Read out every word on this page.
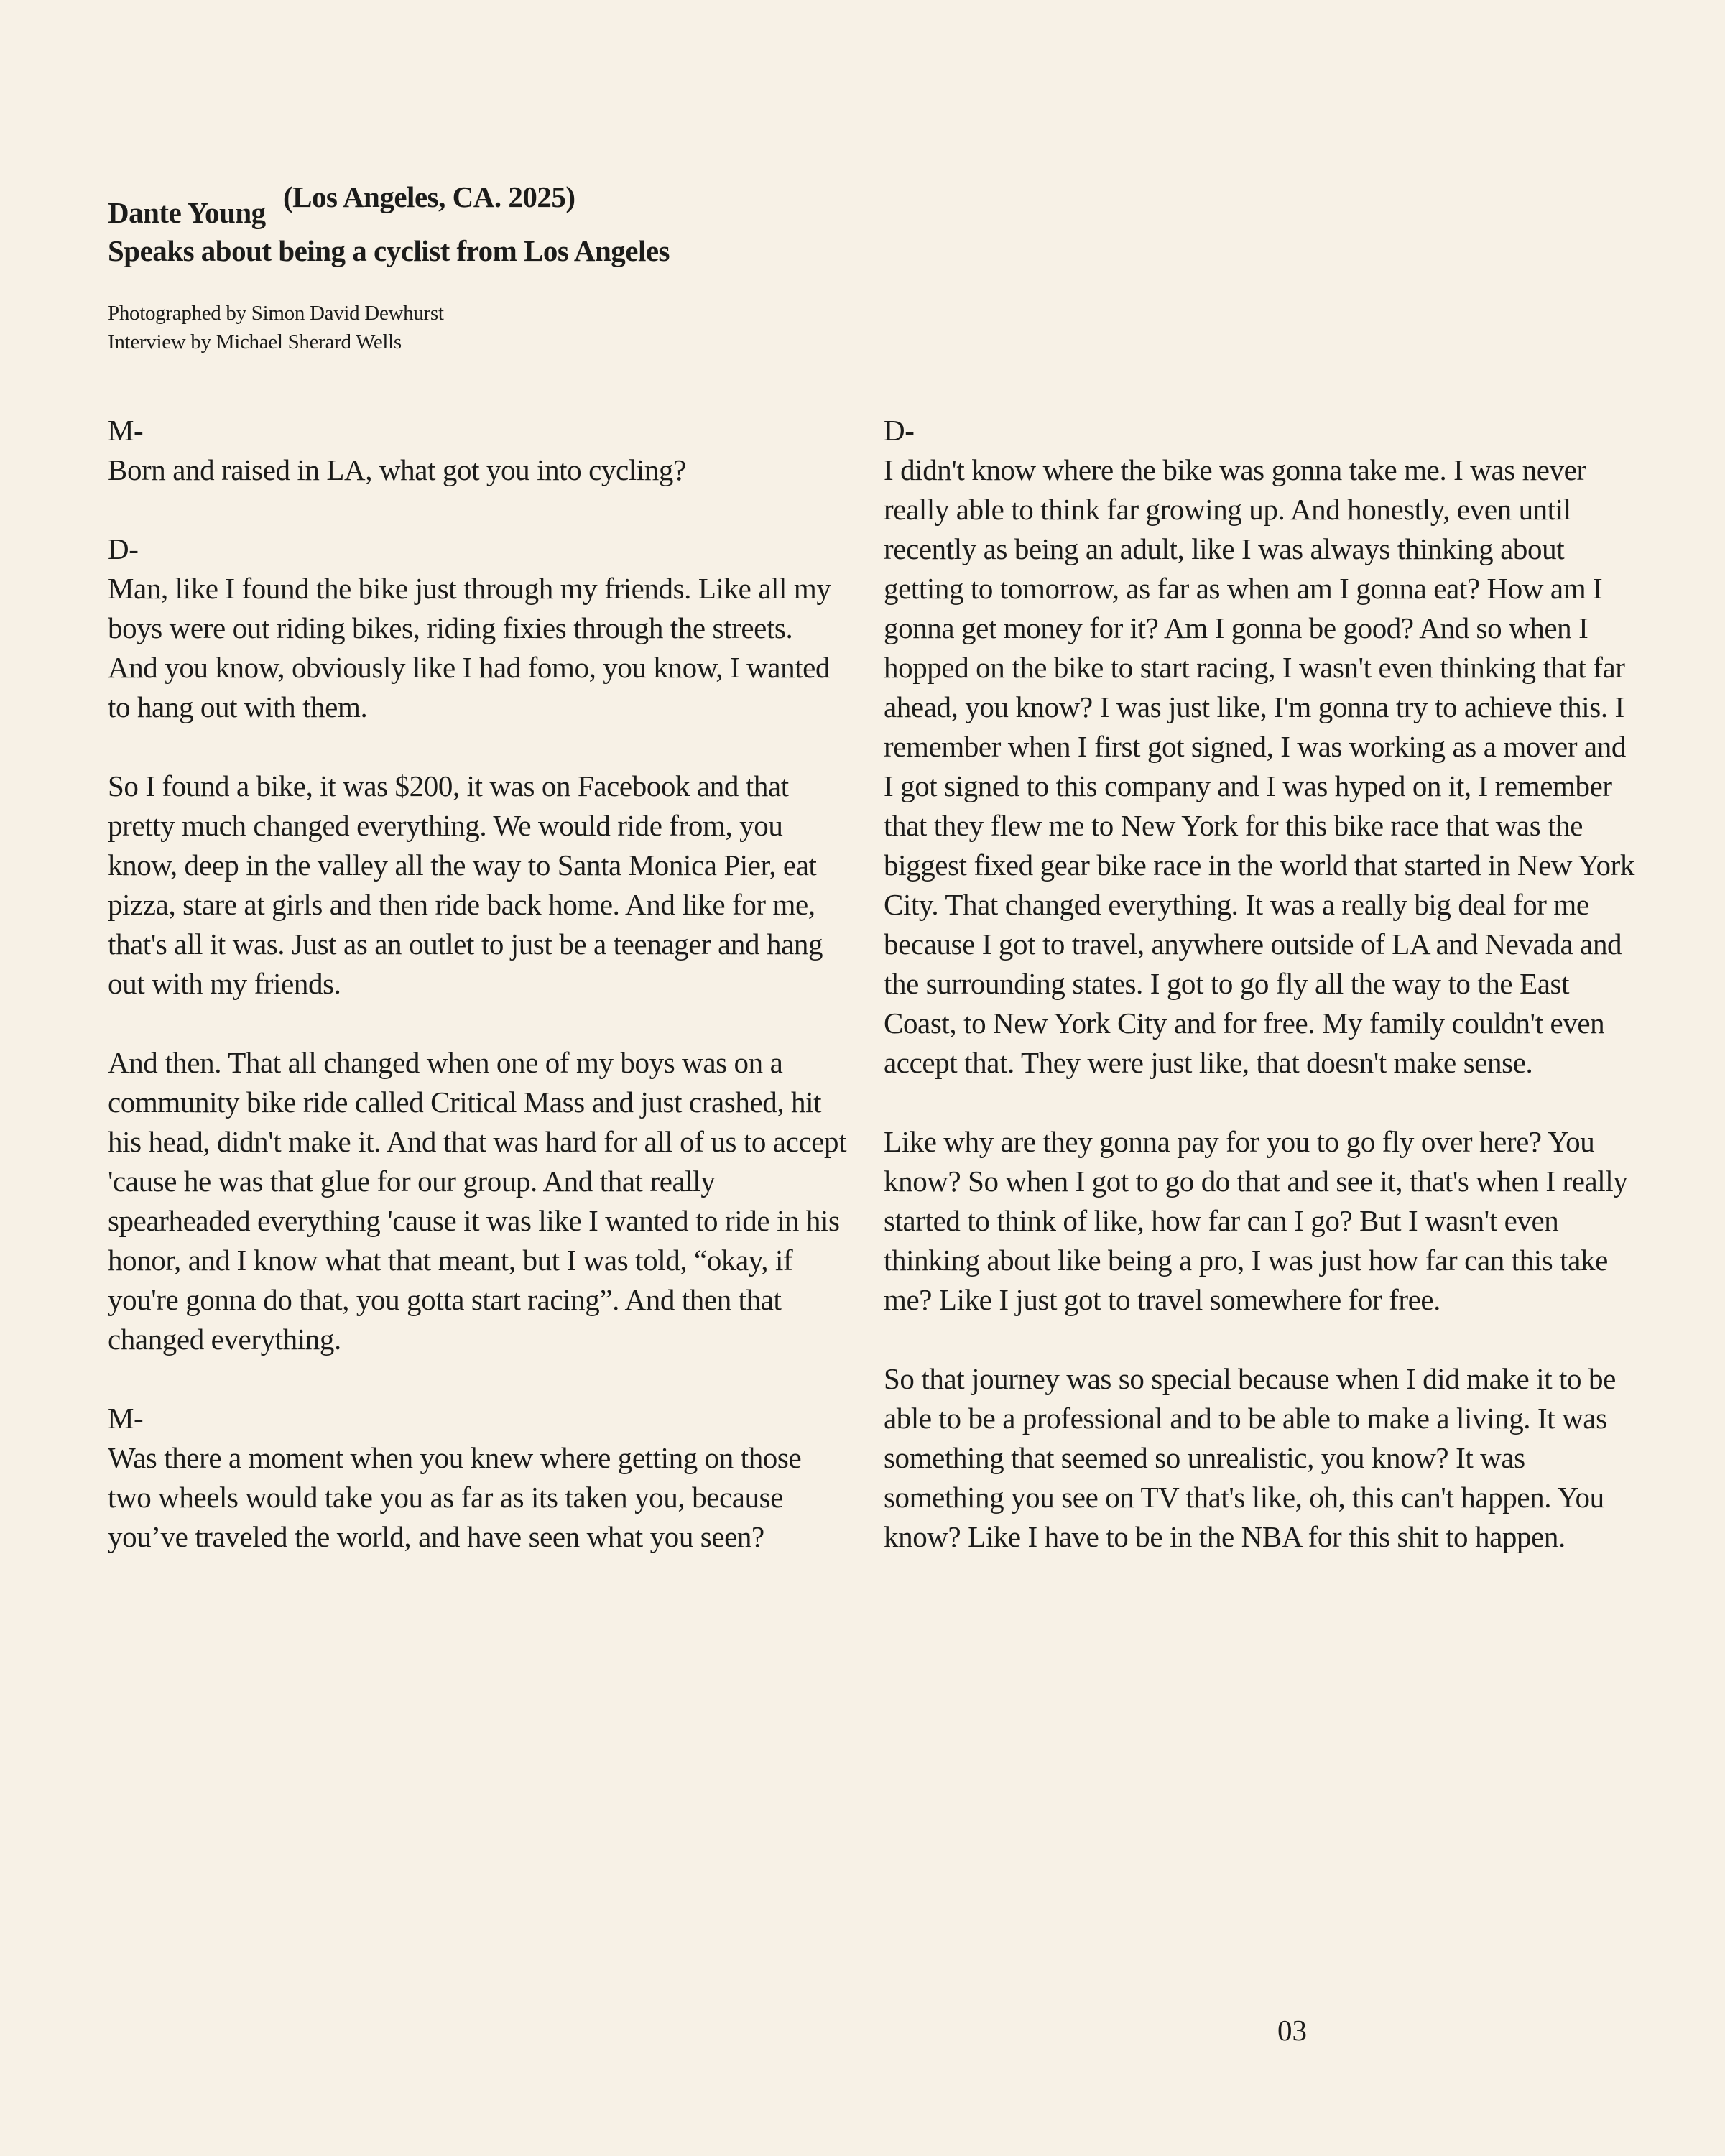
Dante Young (Los Angeles, CA. 2025)
Speaks about being a cyclist from Los Angeles
Photographed by Simon David Dewhurst
Interview by Michael Sherard Wells
M-
Born and raised in LA, what got you into cycling?
D-
Man, like I found the bike just through my friends. Like all my boys were out riding bikes, riding fixies through the streets. And you know, obviously like I had fomo, you know, I wanted to hang out with them.
So I found a bike, it was $200, it was on Facebook and that pretty much changed everything. We would ride from, you know, deep in the valley all the way to Santa Monica Pier, eat pizza, stare at girls and then ride back home. And like for me, that's all it was. Just as an outlet to just be a teenager and hang out with my friends.
And then. That all changed when one of my boys was on a community bike ride called Critical Mass and just crashed, hit his head, didn't make it. And that was hard for all of us to accept 'cause he was that glue for our group. And that really spearheaded everything 'cause it was like I wanted to ride in his honor, and I know what that meant, but I was told, “okay, if you're gonna do that, you gotta start racing”. And then that changed everything.
M-
Was there a moment when you knew where getting on those two wheels would take you as far as its taken you, because you’ve traveled the world, and have seen what you seen?
D-
I didn't know where the bike was gonna take me. I was never really able to think far growing up. And honestly, even until recently as being an adult, like I was always thinking about getting to tomorrow, as far as when am I gonna eat? How am I gonna get money for it? Am I gonna be good? And so when I hopped on the bike to start racing, I wasn't even thinking that far ahead, you know? I was just like, I'm gonna try to achieve this. I remember when I first got signed, I was working as a mover and I got signed to this company and I was hyped on it, I remember that they flew me to New York for this bike race that was the biggest fixed gear bike race in the world that started in New York City. That changed everything. It was a really big deal for me because I got to travel, anywhere outside of LA and Nevada and the surrounding states. I got to go fly all the way to the East Coast, to New York City and for free. My family couldn't even accept that. They were just like, that doesn't make sense.
Like why are they gonna pay for you to go fly over here? You know? So when I got to go do that and see it, that's when I really started to think of like, how far can I go? But I wasn't even thinking about like being a pro, I was just how far can this take me? Like I just got to travel somewhere for free.
So that journey was so special because when I did make it to be able to be a professional and to be able to make a living. It was something that seemed so unrealistic, you know? It was something you see on TV that's like, oh, this can't happen. You know? Like I have to be in the NBA for this shit to happen.
03
